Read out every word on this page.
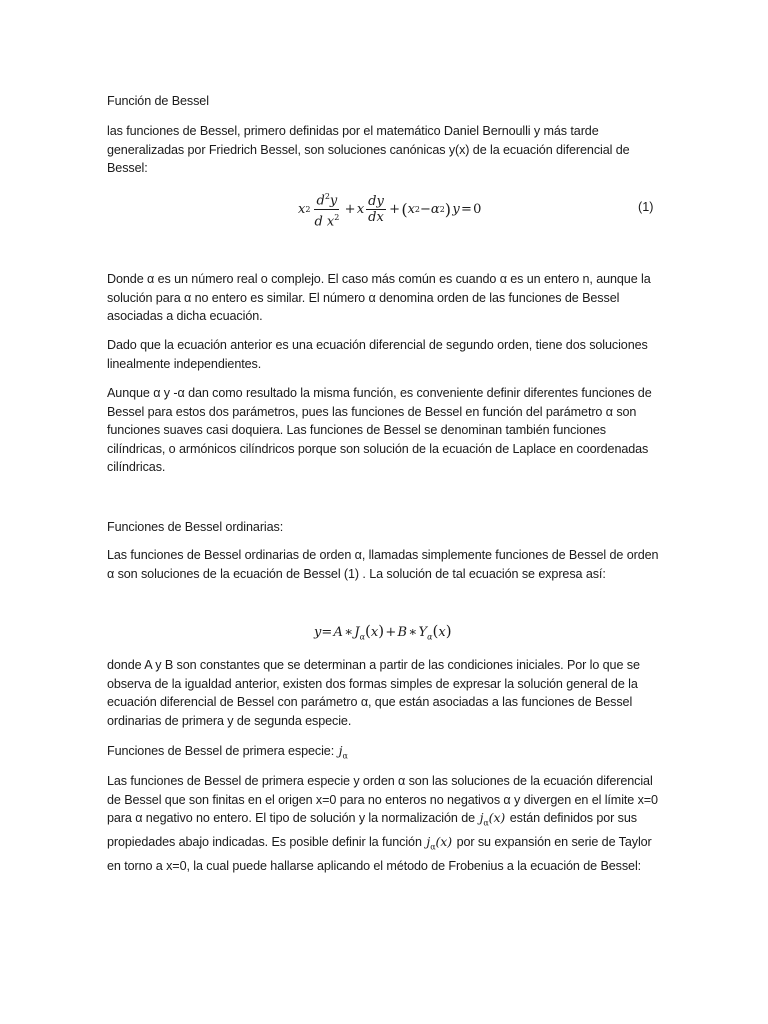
Función de Bessel

las funciones de Bessel, primero definidas por el matemático Daniel Bernoulli y más tarde generalizadas por Friedrich Bessel, son soluciones canónicas y(x) de la ecuación diferencial de Bessel:

x $2 \frac{d^2y}{d x^2}$  +  x $\frac{dy}{dx}$  +  ( x 2 − α 2 )  y  = 0	(1)

Donde α es un número real o complejo. El caso más común es cuando α es un entero n, aunque la solución para α no entero es similar. El número α denomina orden de las funciones de Bessel asociadas a dicha ecuación.

Dado que la ecuación anterior es una ecuación diferencial de segundo orden, tiene dos soluciones linealmente independientes.

Aunque α y -α dan como resultado la misma función, es conveniente definir diferentes funciones de Bessel para estos dos parámetros, pues las funciones de Bessel en función del parámetro α son funciones suaves casi doquiera. Las funciones de Bessel se denominan también funciones cilíndricas, o armónicos cilíndricos porque son solución de la ecuación de Laplace en coordenadas cilíndricas.

Funciones de Bessel ordinarias:

Las funciones de Bessel ordinarias de orden α, llamadas simplemente funciones de Bessel de orden α son soluciones de la ecuación de Bessel (1) . La solución de tal ecuación se expresa así:

y= A ∗ $J_\alpha(x)$ + B ∗ $Y_\alpha(x)$

donde A y B son constantes que se determinan a partir de las condiciones iniciales. Por lo que se observa de la igualdad anterior, existen dos formas simples de expresar la solución general de la ecuación diferencial de Bessel con parámetro α, que están asociadas a las funciones de Bessel ordinarias de primera y de segunda especie.

Funciones de Bessel de primera especie:  $j_\alpha$

Las funciones de Bessel de primera especie y orden α son las soluciones de la ecuación diferencial de Bessel que son finitas en el origen x=0 para no enteros no negativos α y divergen en el límite x=0 para α negativo no entero. El tipo de solución y la normalización de  $j_\alpha(x)$  están definidos por sus propiedades abajo indicadas. Es posible definir la función  $j_\alpha(x)$  por su expansión en serie de Taylor en torno a x=0, la cual puede hallarse aplicando el método de Frobenius a la ecuación de Bessel:
